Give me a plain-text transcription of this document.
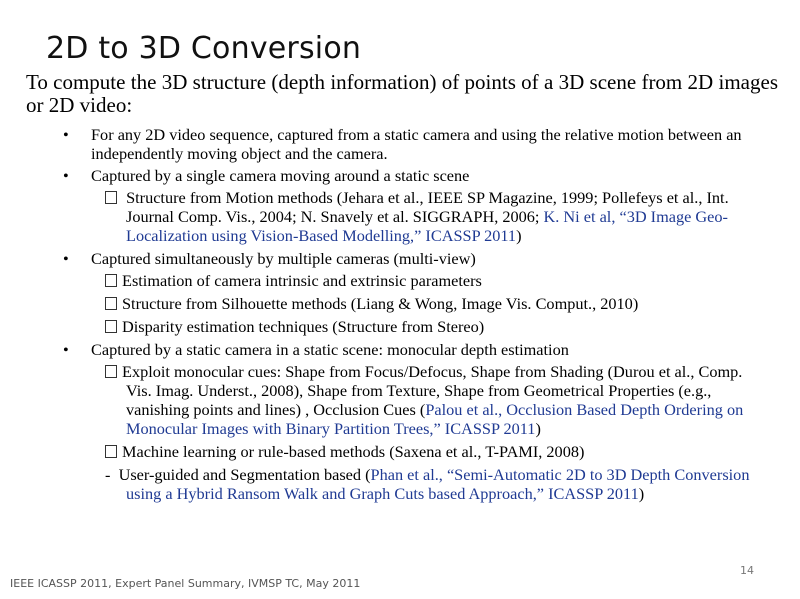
2D to 3D Conversion

To compute the 3D structure (depth information) of points of a 3D scene from 2D images or 2D video:

• For any 2D video sequence, captured from a static camera and using the relative motion between an independently moving object and the camera.
• Captured by a single camera moving around a static scene
Structure from Motion methods (Jehara et al., IEEE SP Magazine, 1999; Pollefeys et al., Int. Journal Comp. Vis., 2004; N. Snavely et al. SIGGRAPH, 2006; K. Ni et al, “3D Image Geo-Localization using Vision-Based Modelling,” ICASSP 2011)
• Captured simultaneously by multiple cameras (multi-view)
Estimation of camera intrinsic and extrinsic parameters
Structure from Silhouette methods (Liang & Wong, Image Vis. Comput., 2010)
Disparity estimation techniques (Structure from Stereo)
• Captured by a static camera in a static scene: monocular depth estimation
Exploit monocular cues: Shape from Focus/Defocus, Shape from Shading (Durou et al., Comp. Vis. Imag. Underst., 2008), Shape from Texture, Shape from Geometrical Properties (e.g., vanishing points and lines) , Occlusion Cues (Palou et al., Occlusion Based Depth Ordering on Monocular Images with Binary Partition Trees,” ICASSP 2011)
Machine learning or rule-based methods (Saxena et al., T-PAMI, 2008)
- User-guided and Segmentation based (Phan et al., “Semi-Automatic 2D to 3D Depth Conversion using a Hybrid Ransom Walk and Graph Cuts based Approach,” ICASSP 2011)
14
IEEE ICASSP 2011, Expert Panel Summary, IVMSP TC, May 2011
